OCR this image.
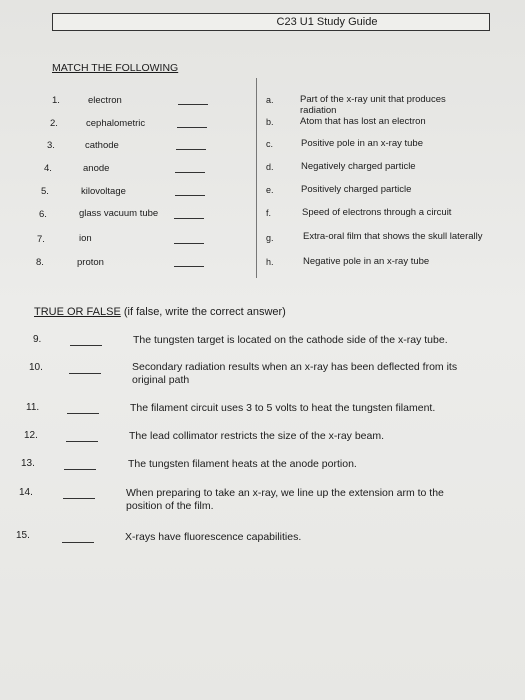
C23 U1 Study Guide
MATCH THE FOLLOWING
1.	electron
2.	cephalometric
3.	cathode
4.	anode
5.	kilovoltage
6.	glass vacuum tube
7.	ion
8.	proton
a.	Part of the x-ray unit that produces radiation
b.	Atom that has lost an electron
c.	Positive pole in an x-ray tube
d.	Negatively charged particle
e.	Positively charged particle
f.	Speed of electrons through a circuit
g.	Extra-oral film that shows the skull laterally
h.	Negative pole in an x-ray tube
TRUE OR FALSE (if false, write the correct answer)
9.	The tungsten target is located on the cathode side of the x-ray tube.
10.	Secondary radiation results when an x-ray has been deflected from its original path
11.	The filament circuit uses 3 to 5 volts to heat the tungsten filament.
12.	The lead collimator restricts the size of the x-ray beam.
13.	The tungsten filament heats at the anode portion.
14.	When preparing to take an x-ray, we line up the extension arm to the position of the film.
15.	X-rays have fluorescence capabilities.
